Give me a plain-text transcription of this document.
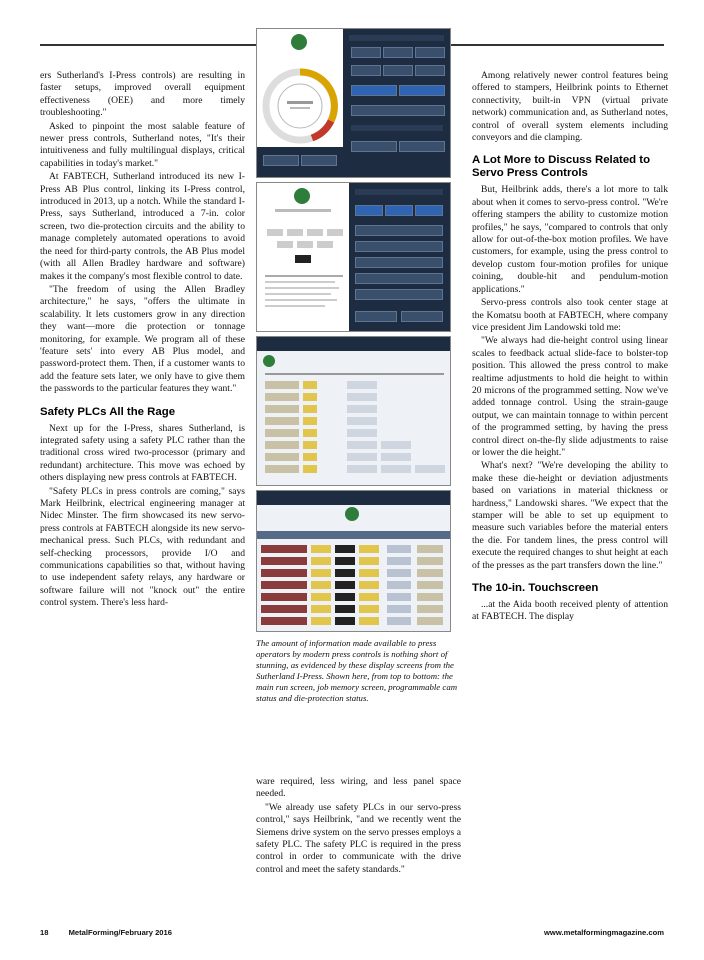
ers Sutherland's I-Press controls) are resulting in faster setups, improved overall equipment effectiveness (OEE) and more timely troubleshooting."

Asked to pinpoint the most salable feature of newer press controls, Sutherland notes, "It's their intuitiveness and fully multilingual displays, critical capabilities in today's market."

At FABTECH, Sutherland introduced its new I-Press AB Plus control, linking its I-Press control, introduced in 2013, up a notch. While the standard I-Press, says Sutherland, introduced a 7-in. color screen, two die-protection circuits and the ability to manage completely automated operations to avoid the need for third-party controls, the AB Plus model (with all Allen Bradley hardware and software) makes it the company's most flexible control to date.

"The freedom of using the Allen Bradley architecture," he says, "offers the ultimate in scalability. It lets customers grow in any direction they want—more die protection or tonnage monitoring, for example. We program all of these 'feature sets' into every AB Plus model, and password-protect them. Then, if a customer wants to add the feature sets later, we only have to give them the passwords to the particular features they want."

Safety PLCs All the Rage

Next up for the I-Press, shares Sutherland, is integrated safety using a safety PLC rather than the traditional cross wired two-processor (primary and redundant) architecture. This move was echoed by others displaying new press controls at FABTECH.

"Safety PLCs in press controls are coming," says Mark Heilbrink, electrical engineering manager at Nidec Minster. The firm showcased its new servo-press controls at FABTECH alongside its new servo-mechanical press. Such PLCs, with redundant and self-checking processors, provide I/O and communications capabilities so that, without having to use independent safety relays, any hardware or software failure will not "knock out" the entire control system. There's less hard-

The amount of information made available to press operators by modern press controls is nothing short of stunning, as evidenced by these display screens from the Sutherland I-Press. Shown here, from top to bottom: the main run screen, job memory screen, programmable cam status and die-protection status.

ware required, less wiring, and less panel space needed.

"We already use safety PLCs in our servo-press control," says Heilbrink, "and we recently went the Siemens drive system on the servo presses employs a safety PLC. The safety PLC is required in the press control in order to communicate with the drive control and meet the safety standards."

Among relatively newer control features being offered to stampers, Heilbrink points to Ethernet connectivity, built-in VPN (virtual private network) communication and, as Sutherland notes, control of overall system elements including conveyors and die clamping.

A Lot More to Discuss Related to Servo Press Controls

But, Heilbrink adds, there's a lot more to talk about when it comes to servo-press control. "We're offering stampers the ability to customize motion profiles," he says, "compared to controls that only allow for out-of-the-box motion profiles. We have customers, for example, using the press control to develop custom four-motion profiles for unique coining, double-hit and pendulum-motion applications."

Servo-press controls also took center stage at the Komatsu booth at FABTECH, where company vice president Jim Landowski told me:

"We always had die-height control using linear scales to feedback actual slide-face to bolster-top position. This allowed the press control to make realtime adjustments to hold die height to within 20 microns of the programmed setting. Now we've added tonnage control. Using the strain-gauge output, we can maintain tonnage to within percent of the programmed setting, by having the press control direct on-the-fly slide adjustments to raise or lower the die height."

What's next? "We're developing the ability to make these die-height or deviation adjustments based on variations in material thickness or hardness," Landowski shares. "We expect that the stamper will be able to set up equipment to measure such variables before the material enters the die. For tandem lines, the press control will execute the required changes to shut height at each of the presses as the part transfers down the line."

The 10-in. Touchscreen

...at the Aida booth received plenty of attention at FABTECH. The display

18	MetalForming/February 2016	www.metalformingmagazine.com
